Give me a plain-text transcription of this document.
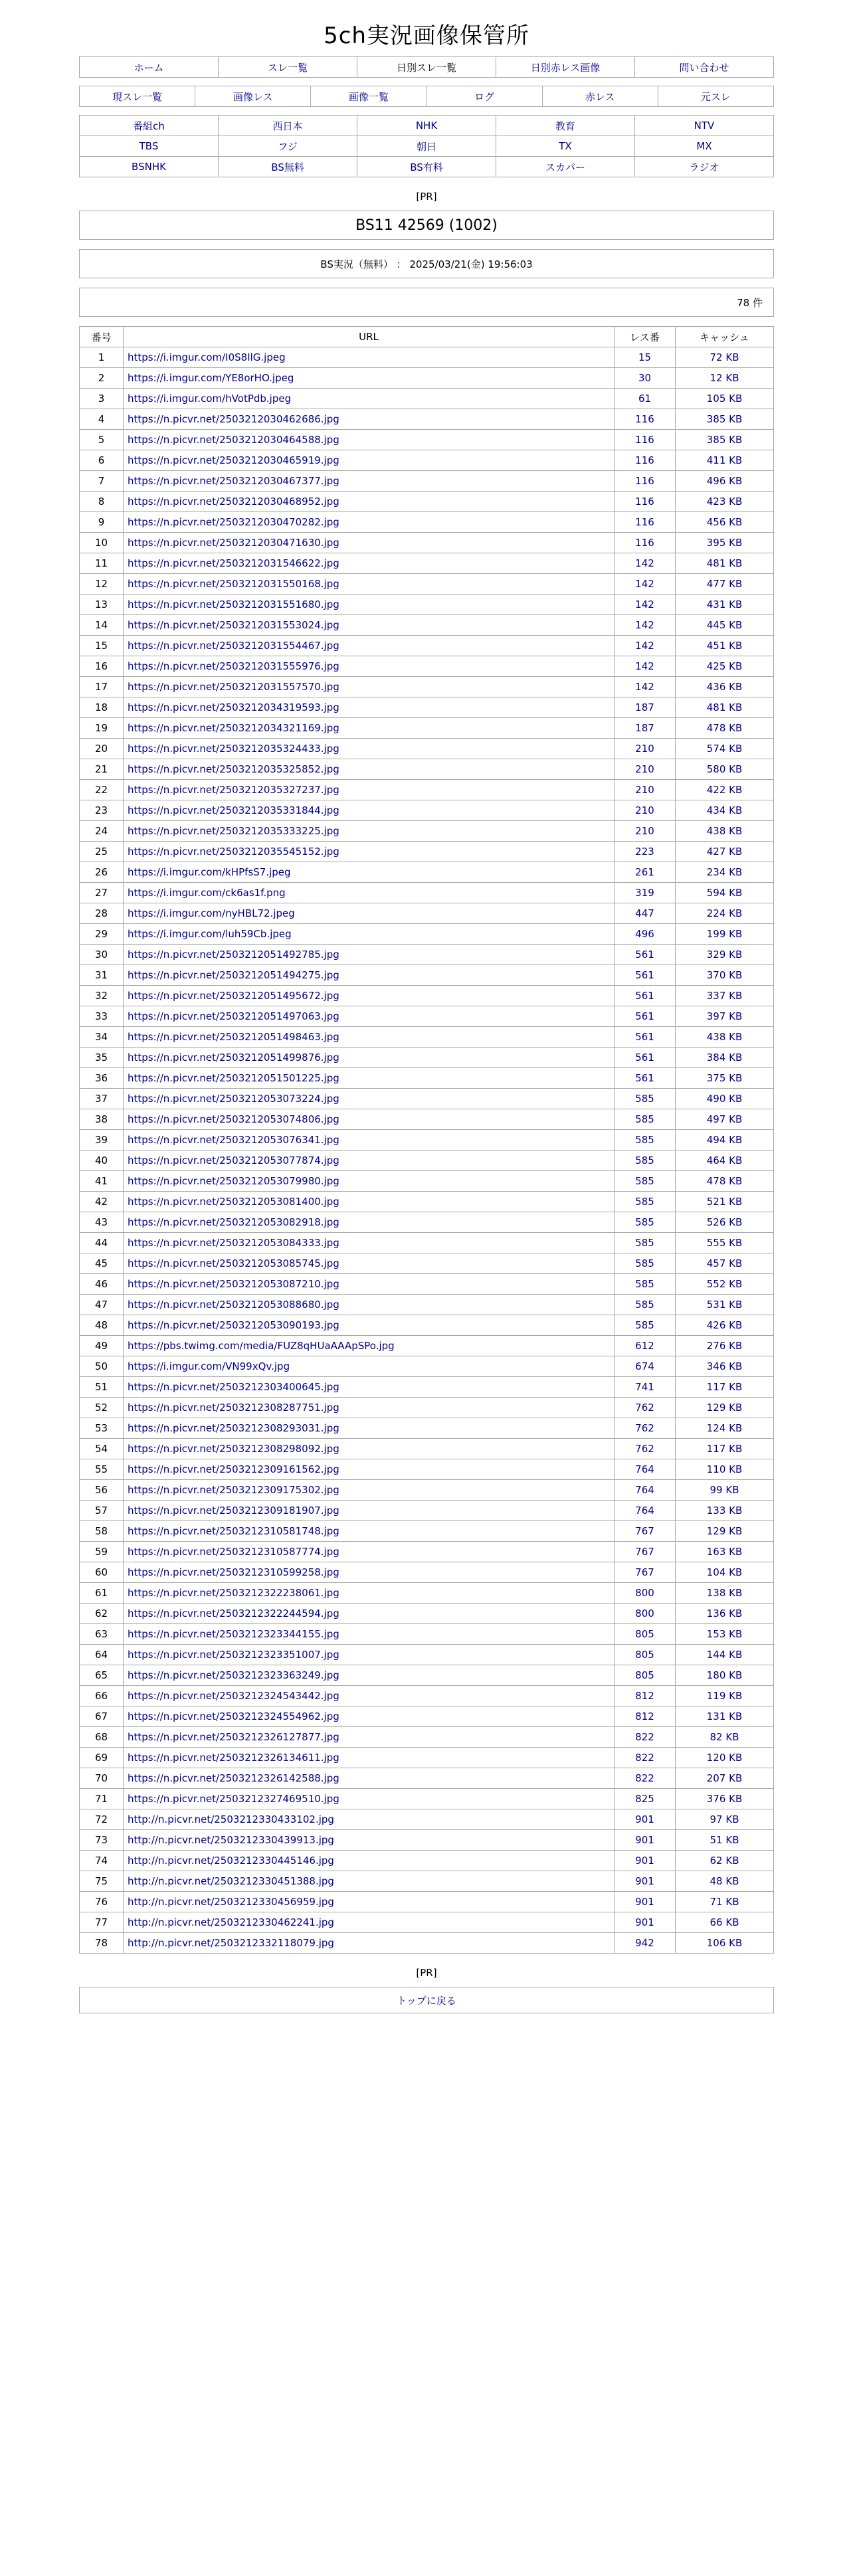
5ch実況画像保管所
ホーム	スレ一覧	日別スレ一覧	日別赤レス画像	問い合わせ
現スレ一覧	画像レス	画像一覧	ログ	赤レス	元スレ
番組ch	西日本	NHK	教育	NTV
TBS	フジ	朝日	TX	MX
BSNHK	BS無料	BS有料	スカパー	ラジオ
[PR]
BS11 42569 (1002)
BS実況（無料） ： 2025/03/21(金) 19:56:03
78 件
番号	URL	レス番	キャッシュ
1	https://i.imgur.com/I0S8IlG.jpeg	15	72 KB
2	https://i.imgur.com/YE8orHO.jpeg	30	12 KB
3	https://i.imgur.com/hVotPdb.jpeg	61	105 KB
4	https://n.picvr.net/2503212030462686.jpg	116	385 KB
5	https://n.picvr.net/2503212030464588.jpg	116	385 KB
6	https://n.picvr.net/2503212030465919.jpg	116	411 KB
7	https://n.picvr.net/2503212030467377.jpg	116	496 KB
8	https://n.picvr.net/2503212030468952.jpg	116	423 KB
9	https://n.picvr.net/2503212030470282.jpg	116	456 KB
10	https://n.picvr.net/2503212030471630.jpg	116	395 KB
11	https://n.picvr.net/2503212031546622.jpg	142	481 KB
12	https://n.picvr.net/2503212031550168.jpg	142	477 KB
13	https://n.picvr.net/2503212031551680.jpg	142	431 KB
14	https://n.picvr.net/2503212031553024.jpg	142	445 KB
15	https://n.picvr.net/2503212031554467.jpg	142	451 KB
16	https://n.picvr.net/2503212031555976.jpg	142	425 KB
17	https://n.picvr.net/2503212031557570.jpg	142	436 KB
18	https://n.picvr.net/2503212034319593.jpg	187	481 KB
19	https://n.picvr.net/2503212034321169.jpg	187	478 KB
20	https://n.picvr.net/2503212035324433.jpg	210	574 KB
21	https://n.picvr.net/2503212035325852.jpg	210	580 KB
22	https://n.picvr.net/2503212035327237.jpg	210	422 KB
23	https://n.picvr.net/2503212035331844.jpg	210	434 KB
24	https://n.picvr.net/2503212035333225.jpg	210	438 KB
25	https://n.picvr.net/2503212035545152.jpg	223	427 KB
26	https://i.imgur.com/kHPfsS7.jpeg	261	234 KB
27	https://i.imgur.com/ck6as1f.png	319	594 KB
28	https://i.imgur.com/nyHBL72.jpeg	447	224 KB
29	https://i.imgur.com/luh59Cb.jpeg	496	199 KB
30	https://n.picvr.net/2503212051492785.jpg	561	329 KB
31	https://n.picvr.net/2503212051494275.jpg	561	370 KB
32	https://n.picvr.net/2503212051495672.jpg	561	337 KB
33	https://n.picvr.net/2503212051497063.jpg	561	397 KB
34	https://n.picvr.net/2503212051498463.jpg	561	438 KB
35	https://n.picvr.net/2503212051499876.jpg	561	384 KB
36	https://n.picvr.net/2503212051501225.jpg	561	375 KB
37	https://n.picvr.net/2503212053073224.jpg	585	490 KB
38	https://n.picvr.net/2503212053074806.jpg	585	497 KB
39	https://n.picvr.net/2503212053076341.jpg	585	494 KB
40	https://n.picvr.net/2503212053077874.jpg	585	464 KB
41	https://n.picvr.net/2503212053079980.jpg	585	478 KB
42	https://n.picvr.net/2503212053081400.jpg	585	521 KB
43	https://n.picvr.net/2503212053082918.jpg	585	526 KB
44	https://n.picvr.net/2503212053084333.jpg	585	555 KB
45	https://n.picvr.net/2503212053085745.jpg	585	457 KB
46	https://n.picvr.net/2503212053087210.jpg	585	552 KB
47	https://n.picvr.net/2503212053088680.jpg	585	531 KB
48	https://n.picvr.net/2503212053090193.jpg	585	426 KB
49	https://pbs.twimg.com/media/FUZ8qHUaAAApSPo.jpg	612	276 KB
50	https://i.imgur.com/VN99xQv.jpg	674	346 KB
51	https://n.picvr.net/2503212303400645.jpg	741	117 KB
52	https://n.picvr.net/2503212308287751.jpg	762	129 KB
53	https://n.picvr.net/2503212308293031.jpg	762	124 KB
54	https://n.picvr.net/2503212308298092.jpg	762	117 KB
55	https://n.picvr.net/2503212309161562.jpg	764	110 KB
56	https://n.picvr.net/2503212309175302.jpg	764	99 KB
57	https://n.picvr.net/2503212309181907.jpg	764	133 KB
58	https://n.picvr.net/2503212310581748.jpg	767	129 KB
59	https://n.picvr.net/2503212310587774.jpg	767	163 KB
60	https://n.picvr.net/2503212310599258.jpg	767	104 KB
61	https://n.picvr.net/2503212322238061.jpg	800	138 KB
62	https://n.picvr.net/2503212322244594.jpg	800	136 KB
63	https://n.picvr.net/2503212323344155.jpg	805	153 KB
64	https://n.picvr.net/2503212323351007.jpg	805	144 KB
65	https://n.picvr.net/2503212323363249.jpg	805	180 KB
66	https://n.picvr.net/2503212324543442.jpg	812	119 KB
67	https://n.picvr.net/2503212324554962.jpg	812	131 KB
68	https://n.picvr.net/2503212326127877.jpg	822	82 KB
69	https://n.picvr.net/2503212326134611.jpg	822	120 KB
70	https://n.picvr.net/2503212326142588.jpg	822	207 KB
71	https://n.picvr.net/2503212327469510.jpg	825	376 KB
72	http://n.picvr.net/2503212330433102.jpg	901	97 KB
73	http://n.picvr.net/2503212330439913.jpg	901	51 KB
74	http://n.picvr.net/2503212330445146.jpg	901	62 KB
75	http://n.picvr.net/2503212330451388.jpg	901	48 KB
76	http://n.picvr.net/2503212330456959.jpg	901	71 KB
77	http://n.picvr.net/2503212330462241.jpg	901	66 KB
78	http://n.picvr.net/2503212332118079.jpg	942	106 KB
[PR]
トップに戻る
